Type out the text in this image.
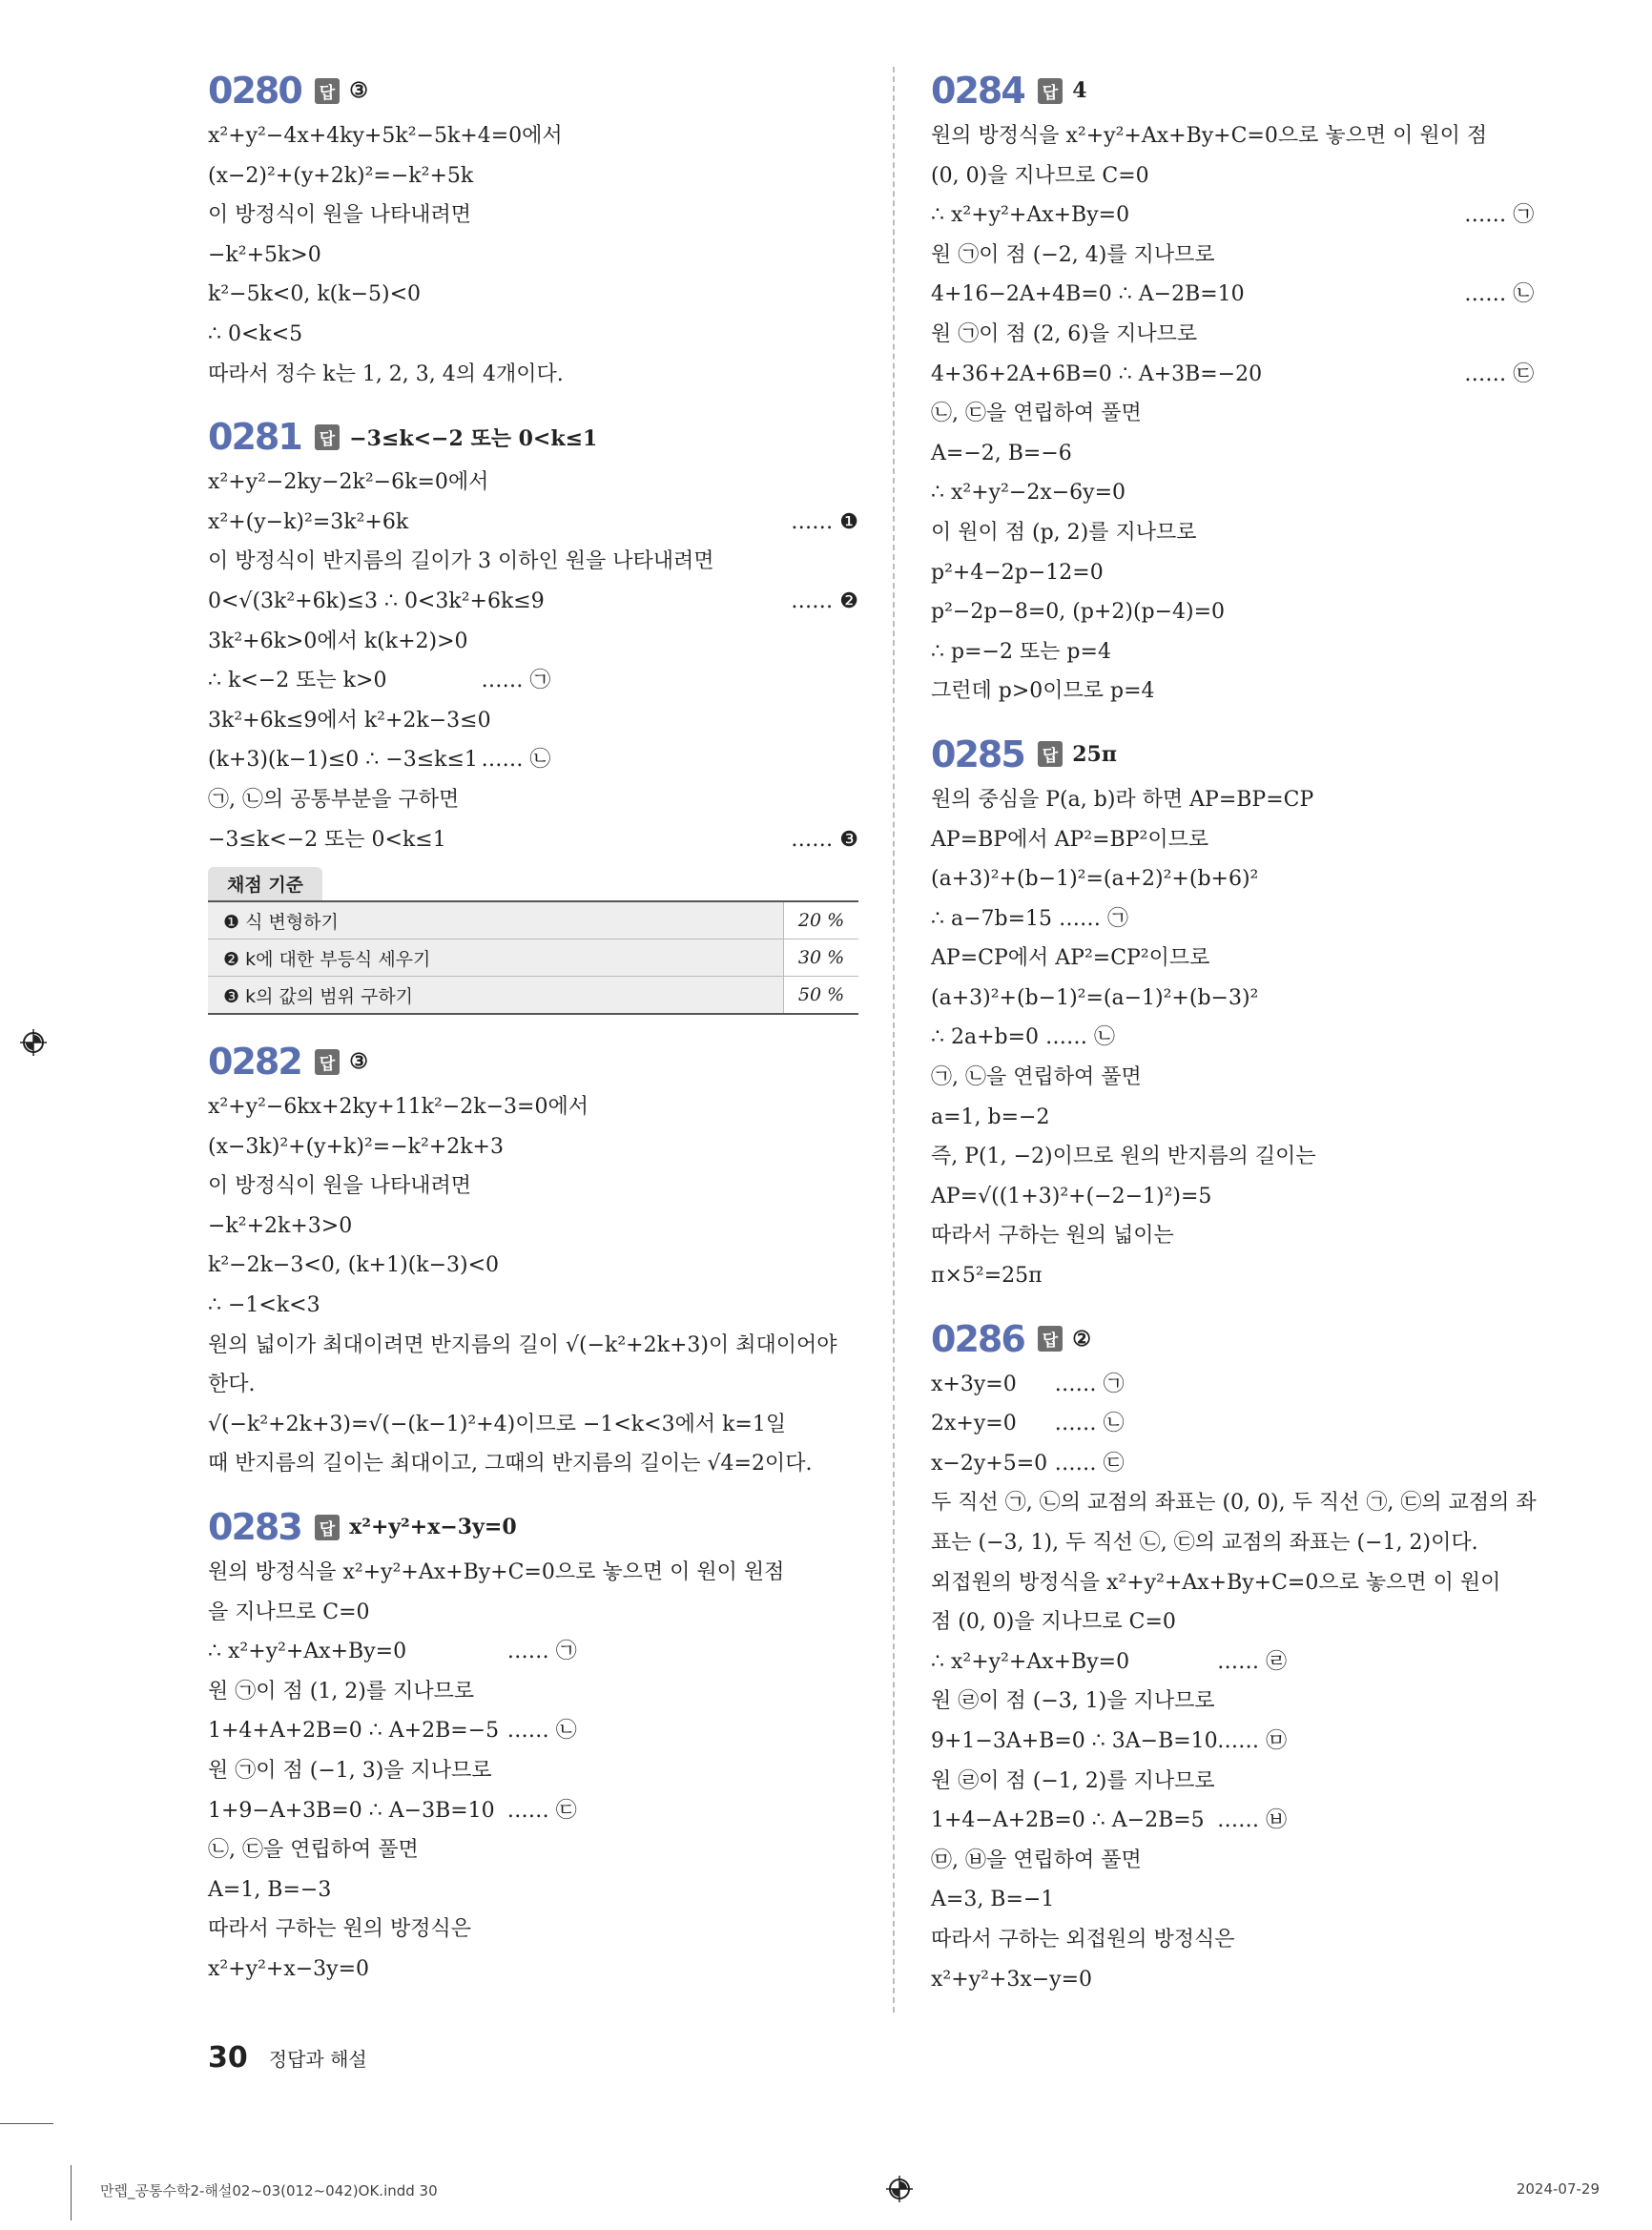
0280 답 ③
x²+y²−4x+4ky+5k²−5k+4=0에서
(x−2)²+(y+2k)²=−k²+5k
이 방정식이 원을 나타내려면
−k²+5k>0
k²−5k<0, k(k−5)<0
∴ 0<k<5
따라서 정수 k는 1, 2, 3, 4의 4개이다.
0281 답 −3≤k<−2 또는 0<k≤1
x²+y²−2ky−2k²−6k=0에서
x²+(y−k)²=3k²+6k	…… ❶
이 방정식이 반지름의 길이가 3 이하인 원을 나타내려면
0<√(3k²+6k)≤3 ∴ 0<3k²+6k≤9	…… ❷
3k²+6k>0에서 k(k+2)>0
∴ k<−2 또는 k>0	…… ㉠
3k²+6k≤9에서 k²+2k−3≤0
(k+3)(k−1)≤0 ∴ −3≤k≤1 …… ㉡
㉠, ㉡의 공통부분을 구하면
−3≤k<−2 또는 0<k≤1	…… ❸
채점 기준
❶ 식 변형하기	20 %
❷ k에 대한 부등식 세우기	30 %
❸ k의 값의 범위 구하기	50 %
0282 답 ③
x²+y²−6kx+2ky+11k²−2k−3=0에서
(x−3k)²+(y+k)²=−k²+2k+3
이 방정식이 원을 나타내려면
−k²+2k+3>0
k²−2k−3<0, (k+1)(k−3)<0
∴ −1<k<3
원의 넓이가 최대이려면 반지름의 길이 √(−k²+2k+3)이 최대이어야
한다.
√(−k²+2k+3)=√(−(k−1)²+4)이므로 −1<k<3에서 k=1일
때 반지름의 길이는 최대이고, 그때의 반지름의 길이는 √4=2이다.
0283 답 x²+y²+x−3y=0
원의 방정식을 x²+y²+Ax+By+C=0으로 놓으면 이 원이 원점
을 지나므로 C=0
∴ x²+y²+Ax+By=0	…… ㉠
원 ㉠이 점 (1, 2)를 지나므로
1+4+A+2B=0 ∴ A+2B=−5 …… ㉡
원 ㉠이 점 (−1, 3)을 지나므로
1+9−A+3B=0 ∴ A−3B=10 …… ㉢
㉡, ㉢을 연립하여 풀면
A=1, B=−3
따라서 구하는 원의 방정식은
x²+y²+x−3y=0
0284 답 4
원의 방정식을 x²+y²+Ax+By+C=0으로 놓으면 이 원이 점
(0, 0)을 지나므로 C=0
∴ x²+y²+Ax+By=0	…… ㉠
원 ㉠이 점 (−2, 4)를 지나므로
4+16−2A+4B=0 ∴ A−2B=10	…… ㉡
원 ㉠이 점 (2, 6)을 지나므로
4+36+2A+6B=0 ∴ A+3B=−20	…… ㉢
㉡, ㉢을 연립하여 풀면
A=−2, B=−6
∴ x²+y²−2x−6y=0
이 원이 점 (p, 2)를 지나므로
p²+4−2p−12=0
p²−2p−8=0, (p+2)(p−4)=0
∴ p=−2 또는 p=4
그런데 p>0이므로 p=4
0285 답 25π
원의 중심을 P(a, b)라 하면 AP=BP=CP
AP=BP에서 AP²=BP²이므로
(a+3)²+(b−1)²=(a+2)²+(b+6)²
∴ a−7b=15 …… ㉠
AP=CP에서 AP²=CP²이므로
(a+3)²+(b−1)²=(a−1)²+(b−3)²
∴ 2a+b=0 …… ㉡
㉠, ㉡을 연립하여 풀면
a=1, b=−2
즉, P(1, −2)이므로 원의 반지름의 길이는
AP=√((1+3)²+(−2−1)²)=5
따라서 구하는 원의 넓이는
π×5²=25π
0286 답 ②
x+3y=0 …… ㉠
2x+y=0 …… ㉡
x−2y+5=0 …… ㉢
두 직선 ㉠, ㉡의 교점의 좌표는 (0, 0), 두 직선 ㉠, ㉢의 교점의 좌
표는 (−3, 1), 두 직선 ㉡, ㉢의 교점의 좌표는 (−1, 2)이다.
외접원의 방정식을 x²+y²+Ax+By+C=0으로 놓으면 이 원이
점 (0, 0)을 지나므로 C=0
∴ x²+y²+Ax+By=0	…… ㉣
원 ㉣이 점 (−3, 1)을 지나므로
9+1−3A+B=0 ∴ 3A−B=10 …… ㉤
원 ㉣이 점 (−1, 2)를 지나므로
1+4−A+2B=0 ∴ A−2B=5 …… ㉥
㉤, ㉥을 연립하여 풀면
A=3, B=−1
따라서 구하는 외접원의 방정식은
x²+y²+3x−y=0
30 정답과 해설
만렙_공통수학2-해설02~03(012~042)OK.indd 30	2024-07-29
